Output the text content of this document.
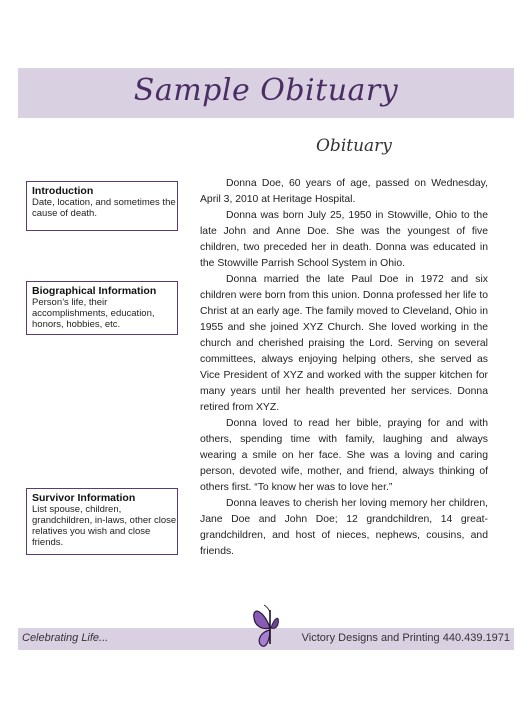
Sample Obituary
Obituary
Introduction
Date, location, and sometimes the cause of death.
Biographical Information
Person’s life, their accomplishments, education, honors, hobbies, etc.
Survivor Information
List spouse, children, grandchildren, in-laws, other close relatives you wish and close friends.

Donna Doe, 60 years of age, passed on Wednesday, April 3, 2010 at Heritage Hospital.

Donna was born July 25, 1950 in Stowville, Ohio to the late John and Anne Doe. She was the youngest of five children, two preceded her in death. Donna was educated in the Stowville Parrish School System in Ohio.

Donna married the late Paul Doe in 1972 and six children were born from this union. Donna professed her life to Christ at an early age. The family moved to Cleveland, Ohio in 1955 and she joined XYZ Church. She loved working in the church and cherished praising the Lord. Serving on several committees, always enjoying helping others, she served as Vice President of XYZ and worked with the supper kitchen for many years until her health prevented her services. Donna retired from XYZ.

Donna loved to read her bible, praying for and with others, spending time with family, laughing and always wearing a smile on her face. She was a loving and caring person, devoted wife, mother, and friend, always thinking of others first. “To know her was to love her.”

Donna leaves to cherish her loving memory her children, Jane Doe and John Doe; 12 grandchildren, 14 great-grandchildren, and host of nieces, nephews, cousins, and friends.

Celebrating Life...	Victory Designs and Printing 440.439.1971
